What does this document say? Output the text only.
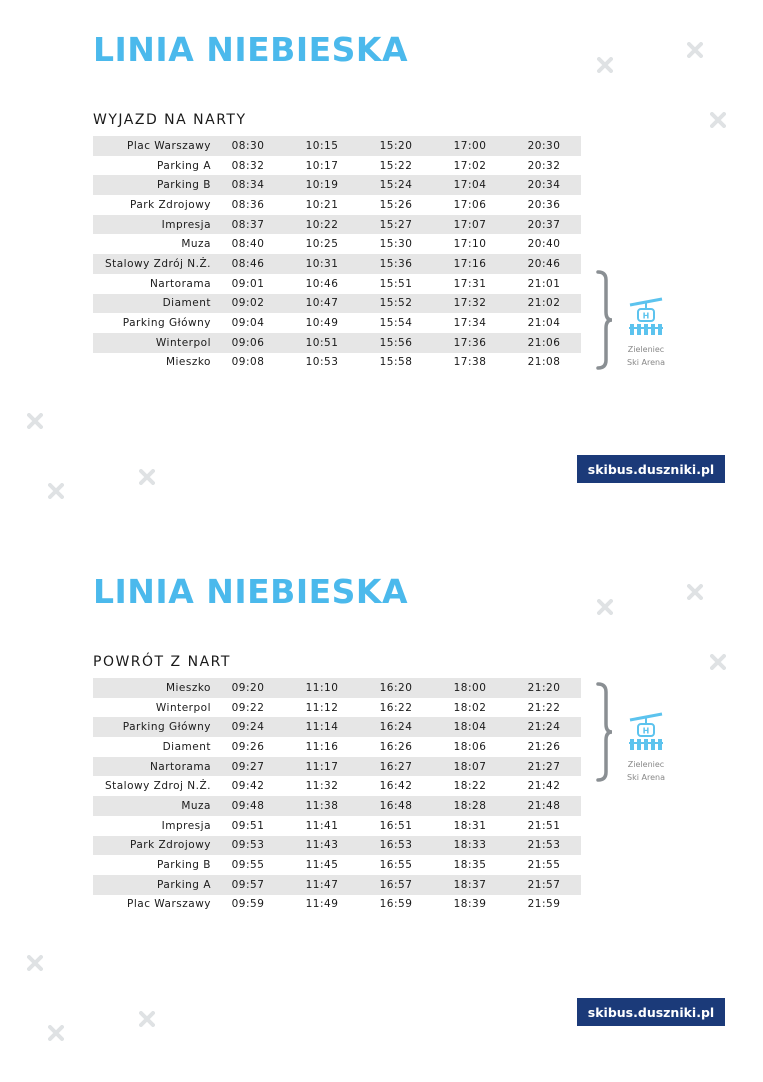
LINIA NIEBIESKA
WYJAZD NA NARTY
Plac Warszawy	08:30	10:15	15:20	17:00	20:30
Parking A	08:32	10:17	15:22	17:02	20:32
Parking B	08:34	10:19	15:24	17:04	20:34
Park Zdrojowy	08:36	10:21	15:26	17:06	20:36
Impresja	08:37	10:22	15:27	17:07	20:37
Muza	08:40	10:25	15:30	17:10	20:40
Stalowy Zdrój N.Ż.	08:46	10:31	15:36	17:16	20:46
Nartorama	09:01	10:46	15:51	17:31	21:01
Diament	09:02	10:47	15:52	17:32	21:02
Parking Główny	09:04	10:49	15:54	17:34	21:04
Winterpol	09:06	10:51	15:56	17:36	21:06
Mieszko	09:08	10:53	15:58	17:38	21:08
H
Zieleniec
Ski Arena
skibus.duszniki.pl
LINIA NIEBIESKA
POWRÓT Z NART
Mieszko	09:20	11:10	16:20	18:00	21:20
Winterpol	09:22	11:12	16:22	18:02	21:22
Parking Główny	09:24	11:14	16:24	18:04	21:24
Diament	09:26	11:16	16:26	18:06	21:26
Nartorama	09:27	11:17	16:27	18:07	21:27
Stalowy Zdroj N.Ż.	09:42	11:32	16:42	18:22	21:42
Muza	09:48	11:38	16:48	18:28	21:48
Impresja	09:51	11:41	16:51	18:31	21:51
Park Zdrojowy	09:53	11:43	16:53	18:33	21:53
Parking B	09:55	11:45	16:55	18:35	21:55
Parking A	09:57	11:47	16:57	18:37	21:57
Plac Warszawy	09:59	11:49	16:59	18:39	21:59
H
Zieleniec
Ski Arena
skibus.duszniki.pl
